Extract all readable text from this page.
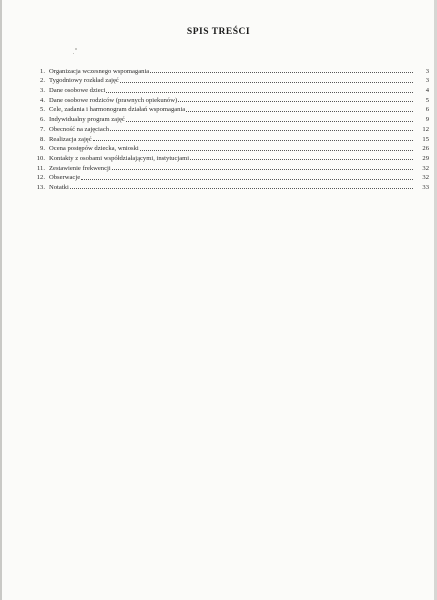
SPIS TREŚCI
1. Organizacja wczesnego wspomagania	3
2. Tygodniowy rozkład zajęć	3
3. Dane osobowe dzieci	4
4. Dane osobowe rodziców (prawnych opiekunów)	5
5. Cele, zadania i harmonogram działań wspomagania	6
6. Indywidualny program zajęć	9
7. Obecność na zajęciach	12
8. Realizacja zajęć	15
9. Ocena postępów dziecka, wnioski	26
10. Kontakty z osobami współdziałającymi, instytucjami	29
11. Zestawienie frekwencji	32
12. Obserwacje	32
13. Notatki	33
